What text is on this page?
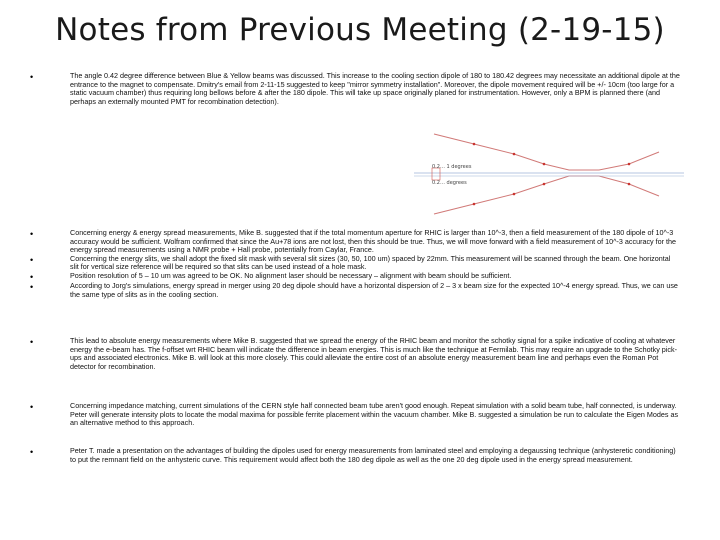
Notes from Previous Meeting (2-19-15)
•	The angle 0.42 degree difference between Blue & Yellow beams was discussed. This increase to the cooling section dipole of 180 to 180.42 degrees may necessitate an additional dipole at the entrance to the magnet to compensate. Dmitry's email from 2-11-15 suggested to keep "mirror symmetry installation". Moreover, the dipole movement required will be +/- 10cm (too large for a static vacuum chamber) thus requiring long bellows before & after the 180 dipole. This will take up space originally planed for instrumentation. However, only a BPM is planned there (and perhaps an externally mounted PMT for recombination detection).
0.2… 1 degrees
0.2… degrees
•	Concerning energy & energy spread measurements, Mike B. suggested that if the total momentum aperture for RHIC is larger than 10^-3, then a field measurement of the 180 dipole of 10^-3 accuracy would be sufficient. Wolfram confirmed that since the Au+78 ions are not lost, then this should be true. Thus, we will move forward with a field measurement of 10^-3 accuracy for the energy spread measurements using a NMR probe + Hall probe, potentially from Caylar, France.
•	Concerning the energy slits, we shall adopt the fixed slit mask with several slit sizes (30, 50, 100 um) spaced by 22mm. This measurement will be scanned through the beam. One horizontal slit for vertical size reference will be required so that slits can be used instead of a hole mask.
•	Position resolution of 5 – 10 um was agreed to be OK. No alignment laser should be necessary – alignment with beam should be sufficient.
•	According to Jorg's simulations, energy spread in merger using 20 deg dipole should have a horizontal dispersion of 2 – 3 x beam size for the expected 10^-4 energy spread. Thus, we can use the same type of slits as in the cooling section.
•	This lead to absolute energy measurements where Mike B. suggested that we spread the energy of the RHIC beam and monitor the schotky signal for a spike indicative of cooling at whatever energy the e-beam has. The f-offset wrt RHIC beam will indicate the difference in beam energies. This is much like the technique at Fermilab. This may require an upgrade to the Schotky pick-ups and associated electronics. Mike B. will look at this more closely. This could alleviate the entire cost of an absolute energy measurement beam line and perhaps even the Roman Pot detector for recombination.
•	Concerning impedance matching, current simulations of the CERN style half connected beam tube aren't good enough. Repeat simulation with a solid beam tube, half connected, is underway. Peter will generate intensity plots to locate the modal maxima for possible ferrite placement within the vacuum chamber. Mike B. suggested a simulation be run to calculate the Eigen Modes as an alternative method to this approach.
•	Peter T. made a presentation on the advantages of building the dipoles used for energy measurements from laminated steel and employing a degaussing technique (anhysteretic conditioning) to put the remnant field on the anhysteric curve. This requirement would affect both the 180 deg dipole as well as the one 20 deg dipole used in the energy spread measurement.
